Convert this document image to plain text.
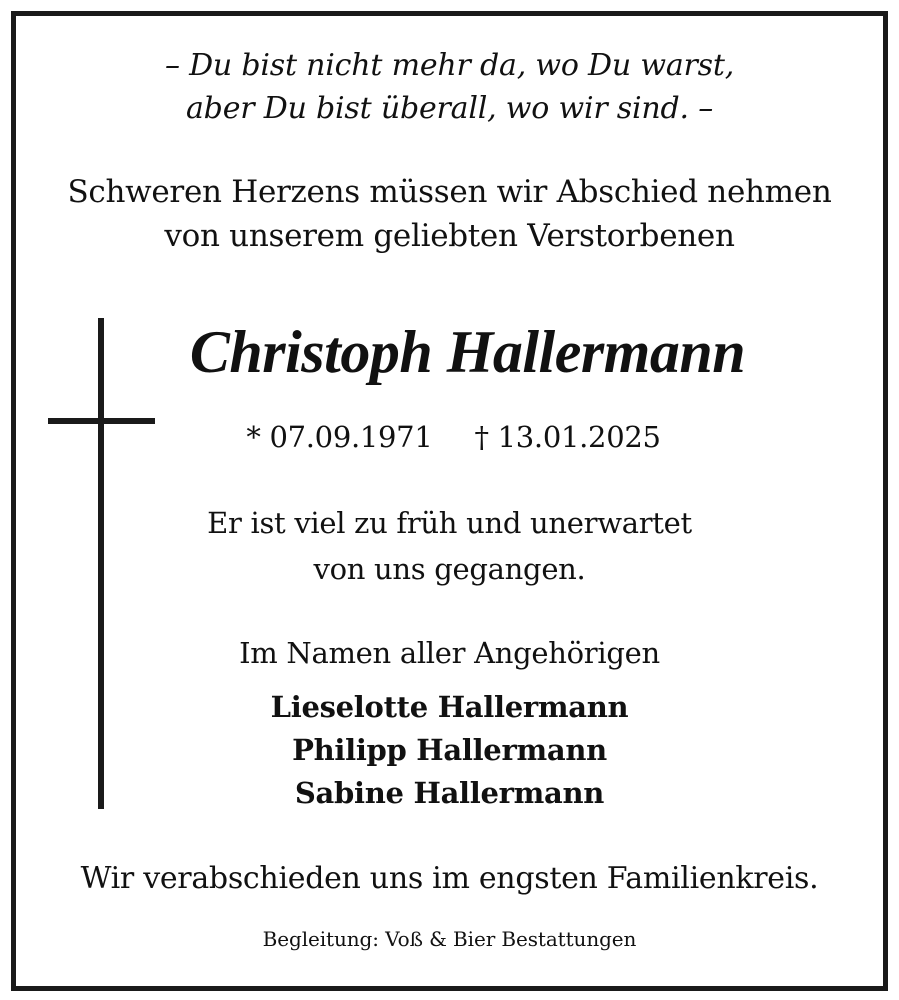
– Du bist nicht mehr da, wo Du warst,
aber Du bist überall, wo wir sind. –
Schweren Herzens müssen wir Abschied nehmen
von unserem geliebten Verstorbenen
Christoph Hallermann
* 07.09.1971 † 13.01.2025
Er ist viel zu früh und unerwartet
von uns gegangen.
Im Namen aller Angehörigen
Lieselotte Hallermann
Philipp Hallermann
Sabine Hallermann
Wir verabschieden uns im engsten Familienkreis.
Begleitung: Voß & Bier Bestattungen
